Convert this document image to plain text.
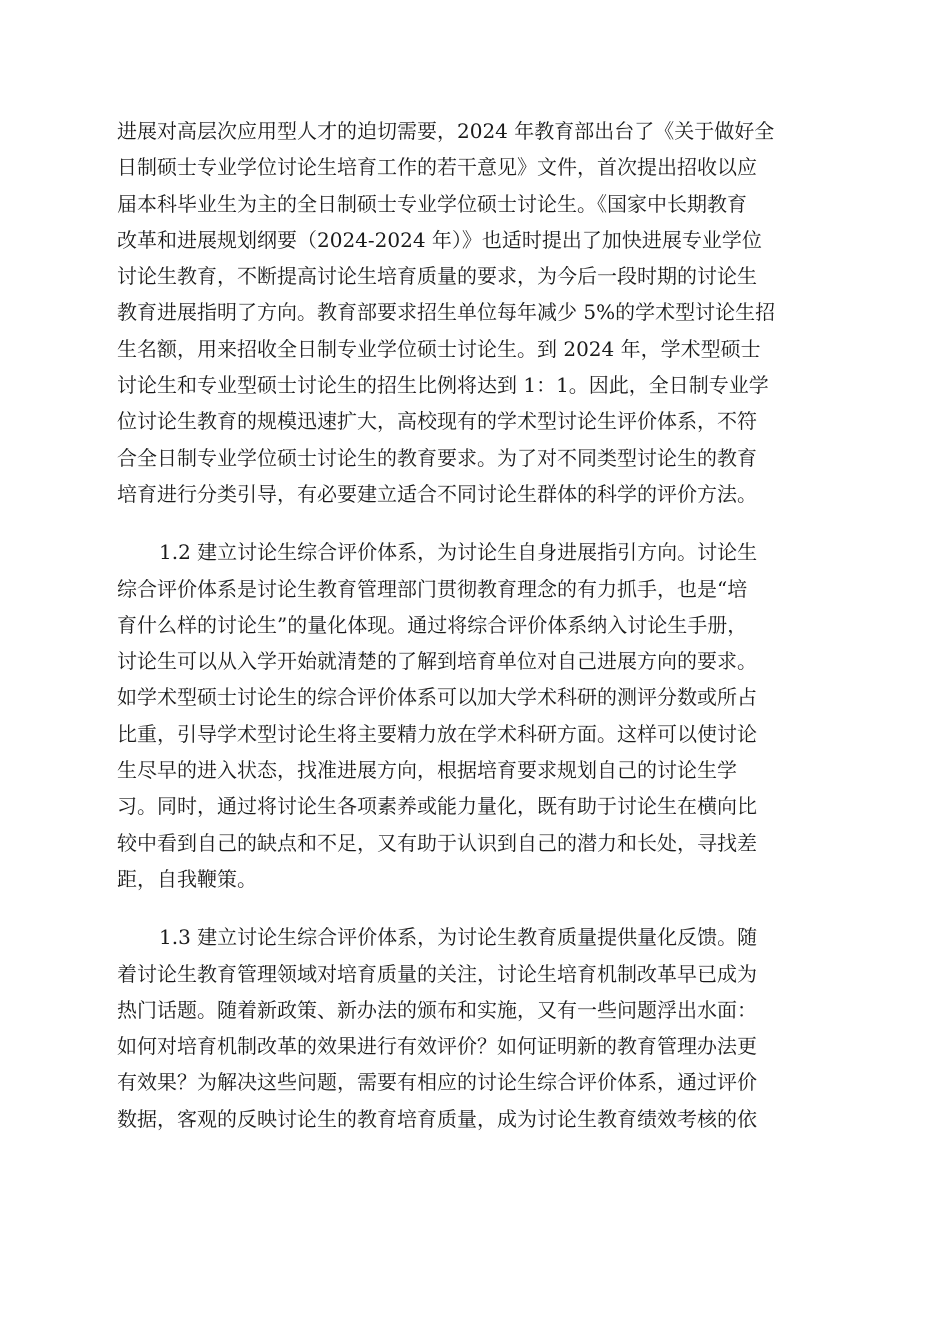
进展对高层次应用型人才的迫切需要，2024 年教育部出台了《关于做好全
日制硕士专业学位讨论生培育工作的若干意见》文件，首次提出招收以应
届本科毕业生为主的全日制硕士专业学位硕士讨论生。《国家中长期教育
改革和进展规划纲要（2024-2024 年）》也适时提出了加快进展专业学位
讨论生教育，不断提高讨论生培育质量的要求，为今后一段时期的讨论生
教育进展指明了方向。教育部要求招生单位每年减少 5%的学术型讨论生招
生名额，用来招收全日制专业学位硕士讨论生。到 2024 年，学术型硕士
讨论生和专业型硕士讨论生的招生比例将达到 1：1。因此，全日制专业学
位讨论生教育的规模迅速扩大，高校现有的学术型讨论生评价体系，不符
合全日制专业学位硕士讨论生的教育要求。为了对不同类型讨论生的教育
培育进行分类引导，有必要建立适合不同讨论生群体的科学的评价方法。

1.2 建立讨论生综合评价体系，为讨论生自身进展指引方向。讨论生
综合评价体系是讨论生教育管理部门贯彻教育理念的有力抓手，也是“培
育什么样的讨论生”的量化体现。通过将综合评价体系纳入讨论生手册，
讨论生可以从入学开始就清楚的了解到培育单位对自己进展方向的要求。
如学术型硕士讨论生的综合评价体系可以加大学术科研的测评分数或所占
比重，引导学术型讨论生将主要精力放在学术科研方面。这样可以使讨论
生尽早的进入状态，找准进展方向，根据培育要求规划自己的讨论生学
习。同时，通过将讨论生各项素养或能力量化，既有助于讨论生在横向比
较中看到自己的缺点和不足，又有助于认识到自己的潜力和长处，寻找差
距，自我鞭策。

1.3 建立讨论生综合评价体系，为讨论生教育质量提供量化反馈。随
着讨论生教育管理领域对培育质量的关注，讨论生培育机制改革早已成为
热门话题。随着新政策、新办法的颁布和实施，又有一些问题浮出水面：
如何对培育机制改革的效果进行有效评价？如何证明新的教育管理办法更
有效果？为解决这些问题，需要有相应的讨论生综合评价体系，通过评价
数据，客观的反映讨论生的教育培育质量，成为讨论生教育绩效考核的依
